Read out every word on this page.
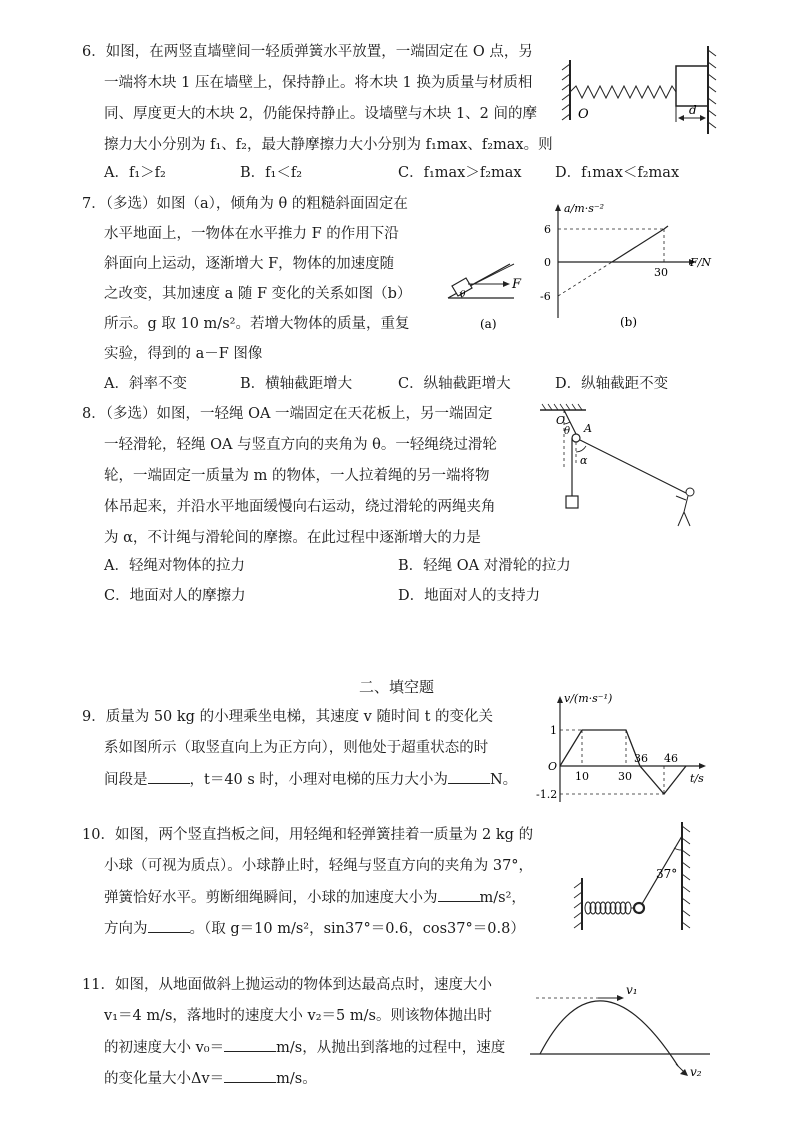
6．如图，在两竖直墙壁间一轻质弹簧水平放置，一端固定在 O 点，另
一端将木块 1 压在墙壁上，保持静止。将木块 1 换为质量与材质相
同、厚度更大的木块 2，仍能保持静止。设墙壁与木块 1、2 间的摩
擦力大小分别为 f₁、f₂，最大静摩擦力大小分别为 f₁max、f₂max。则
A．f₁＞f₂	B．f₁＜f₂	C．f₁max＞f₂max D．f₁max＜f₂max
O	d
7．（多选）如图（a），倾角为 θ 的粗糙斜面固定在
水平地面上，一物体在水平推力 F 的作用下沿
斜面向上运动，逐渐增大 F，物体的加速度随
之改变，其加速度 a 随 F 变化的关系如图（b）
所示。g 取 10 m/s²。若增大物体的质量，重复
实验，得到的 a－F 图像
A．斜率不变	B．横轴截距增大	C．纵轴截距增大	D．纵轴截距不变
F
θ
(a)
a/m·s⁻²
F/N
6
0
-6
30
(b)
8．（多选）如图，一轻绳 OA 一端固定在天花板上，另一端固定
一轻滑轮，轻绳 OA 与竖直方向的夹角为 θ。一轻绳绕过滑轮
轮，一端固定一质量为 m 的物体，一人拉着绳的另一端将物
体吊起来，并沿水平地面缓慢向右运动，绕过滑轮的两绳夹角
为 α，不计绳与滑轮间的摩擦。在此过程中逐渐增大的力是
A．轻绳对物体的拉力	B．轻绳 OA 对滑轮的拉力
C．地面对人的摩擦力	D．地面对人的支持力
O
A
θ
α
二、填空题
9．质量为 50 kg 的小理乘坐电梯，其速度 v 随时间 t 的变化关
系如图所示（取竖直向上为正方向），则他处于超重状态的时
间段是	，t＝40 s 时，小理对电梯的压力大小为	N。
v/(m·s⁻¹)
t/s
1
O
-1.2
10	30
36 46
10．如图，两个竖直挡板之间，用轻绳和轻弹簧挂着一质量为 2 kg 的
小球（可视为质点）。小球静止时，轻绳与竖直方向的夹角为 37°，
弹簧恰好水平。剪断细绳瞬间，小球的加速度大小为	m/s²，
方向为	。（取 g＝10 m/s²，sin37°＝0.6，cos37°＝0.8）
37°
11．如图，从地面做斜上抛运动的物体到达最高点时，速度大小
v₁＝4 m/s，落地时的速度大小 v₂＝5 m/s。则该物体抛出时
的初速度大小 v₀＝	m/s，从抛出到落地的过程中，速度
的变化量大小Δv＝	m/s。
v₁
v₂
